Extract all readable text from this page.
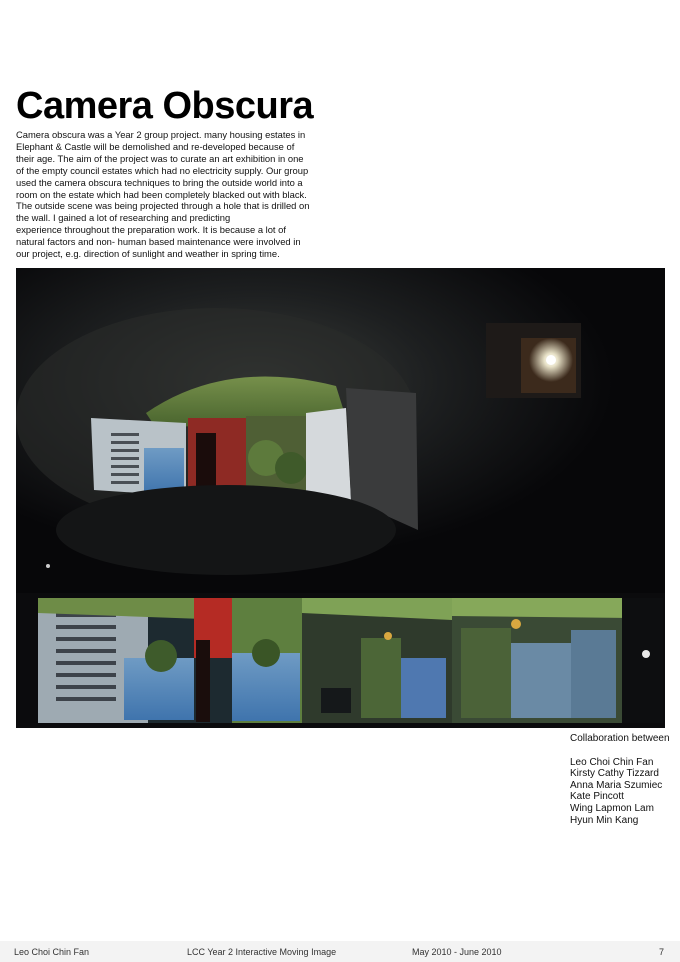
Camera Obscura

Camera obscura was a Year 2 group project. many housing estates in
Elephant & Castle will be demolished and re-developed because of
their age. The aim of the project was to curate an art exhibition in one
of the empty council estates which had no electricity supply. Our group
used the camera obscura techniques to bring the outside world into a
room on the estate which had been completely blacked out with black.
The outside scene was being projected through a hole that is drilled on
the wall. I gained a lot of researching and predicting
experience throughout the preparation work. It is because a lot of
natural factors and non- human based maintenance were involved in
our project, e.g. direction of sunlight and weather in spring time.

Collaboration between
Leo Choi Chin Fan
Kirsty Cathy Tizzard
Anna Maria Szumiec
Kate Pincott
Wing Lapmon Lam
Hyun Min Kang
Leo Choi Chin Fan	LCC Year 2 Interactive Moving Image	May 2010 - June 2010	7
